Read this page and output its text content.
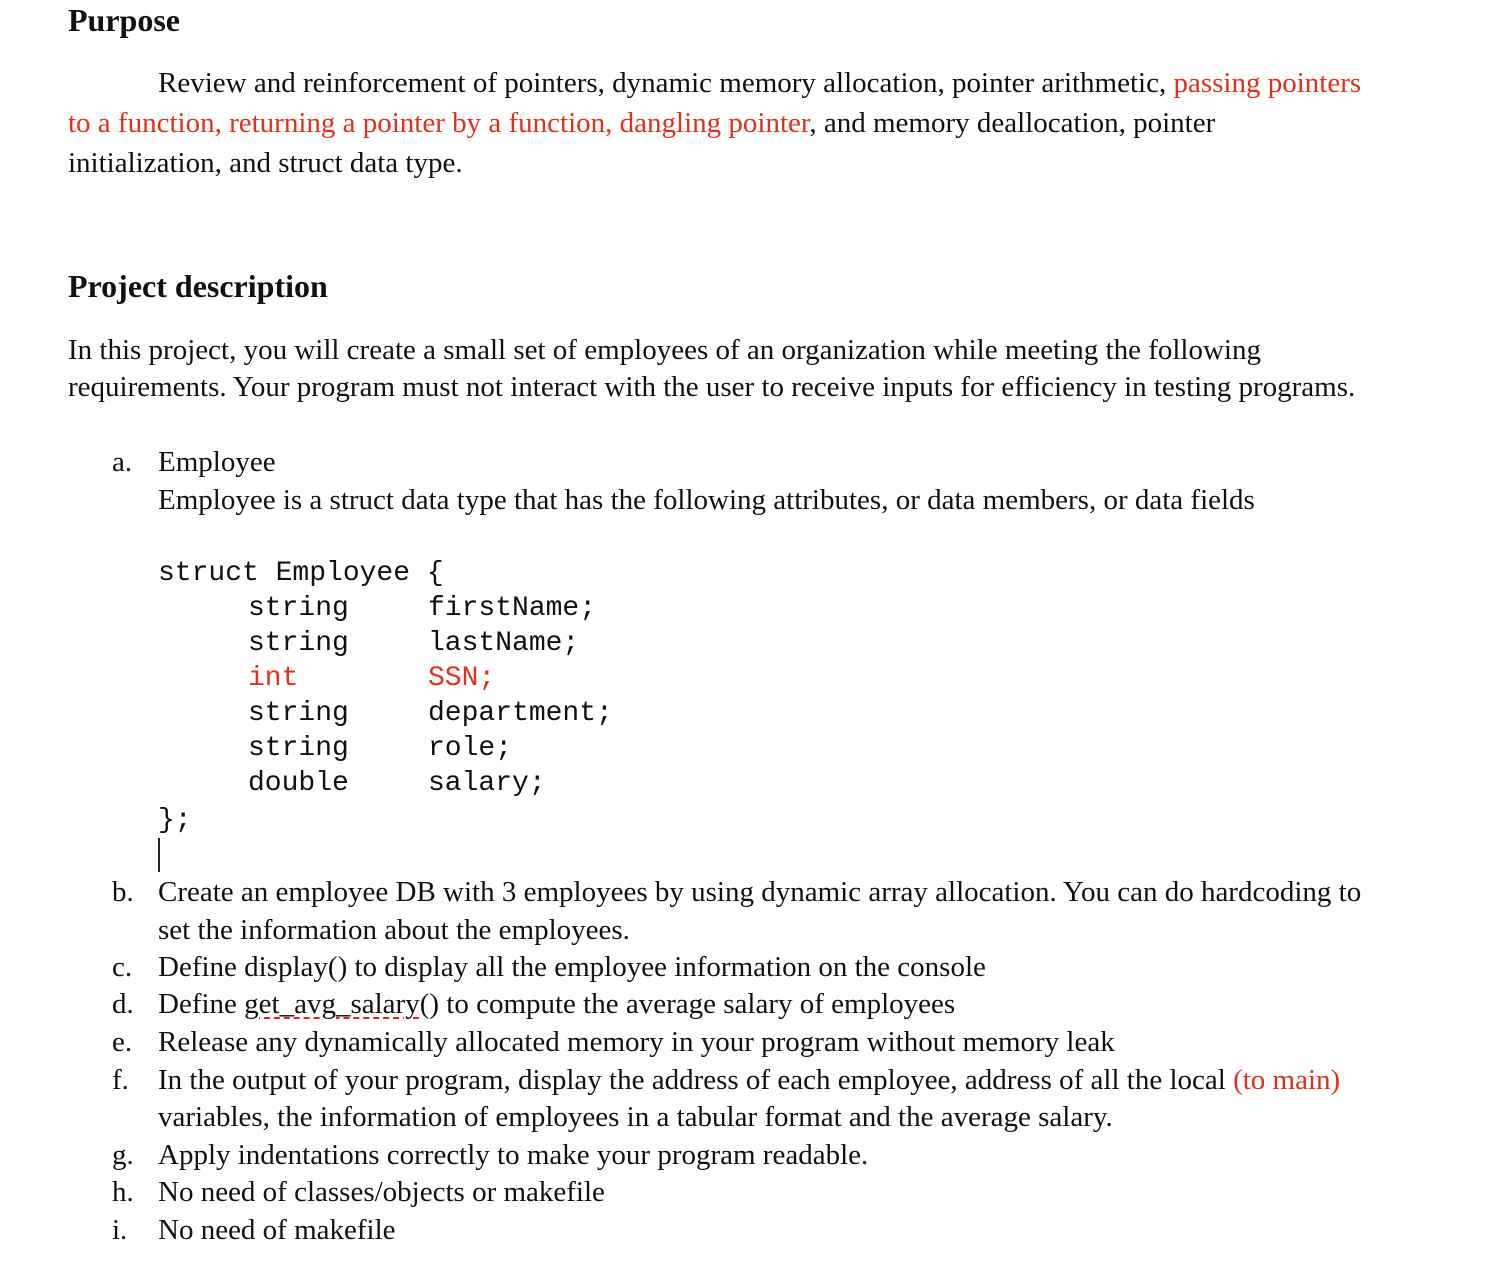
Purpose
Review and reinforcement of pointers, dynamic memory allocation, pointer arithmetic, passing pointers
to a function, returning a pointer by a function, dangling pointer, and memory deallocation, pointer
initialization, and struct data type.
Project description
In this project, you will create a small set of employees of an organization while meeting the following
requirements. Your program must not interact with the user to receive inputs for efficiency in testing programs.
a. Employee
Employee is a struct data type that has the following attributes, or data members, or data fields
struct Employee {
string	firstName;
string	lastName;
int	SSN;
string	department;
string	role;
double	salary;
};
b. Create an employee DB with 3 employees by using dynamic array allocation. You can do hardcoding to
set the information about the employees.
c. Define display() to display all the employee information on the console
d. Define get_avg_salary() to compute the average salary of employees
e. Release any dynamically allocated memory in your program without memory leak
f. In the output of your program, display the address of each employee, address of all the local (to main)
variables, the information of employees in a tabular format and the average salary.
g. Apply indentations correctly to make your program readable.
h. No need of classes/objects or makefile
i. No need of makefile
